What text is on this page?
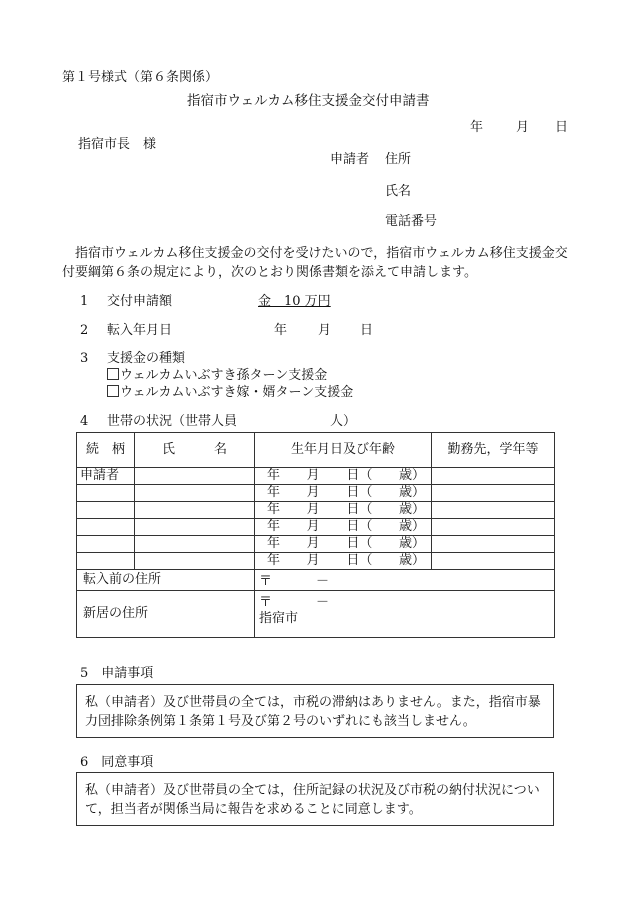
第１号様式（第６条関係）
指宿市ウェルカム移住支援金交付申請書
年	月 日
指宿市長　様
申請者 住所
氏名
電話番号
指宿市ウェルカム移住支援金の交付を受けたいので，指宿市ウェルカム移住支援金交付要綱第６条の規定により，次のとおり関係書類を添えて申請します。
1 交付申請額	金　10 万円
2 転入年月日	年 月 日
3 支援金の種類
ウェルカムいぶすき孫ターン支援金
ウェルカムいぶすき嫁・婿ターン支援金
4 世帯の状況（世帯人員	人）
続　柄	氏　　　名	生年月日及び年齢	勤務先，学年等
申請者		年 月 日（ 歳）	

		年 月 日（ 歳）	

		年 月 日（ 歳）	

		年 月 日（ 歳）	

		年 月 日（ 歳）	

		年 月 日（ 歳）	

転入前の住所		〒 －	

新居の住所		〒 －
指宿市	
5　申請事項
私（申請者）及び世帯員の全ては，市税の滞納はありません。また，指宿市暴力団排除条例第１条第１号及び第２号のいずれにも該当しません。
6　同意事項
私（申請者）及び世帯員の全ては，住所記録の状況及び市税の納付状況について，担当者が関係当局に報告を求めることに同意します。
